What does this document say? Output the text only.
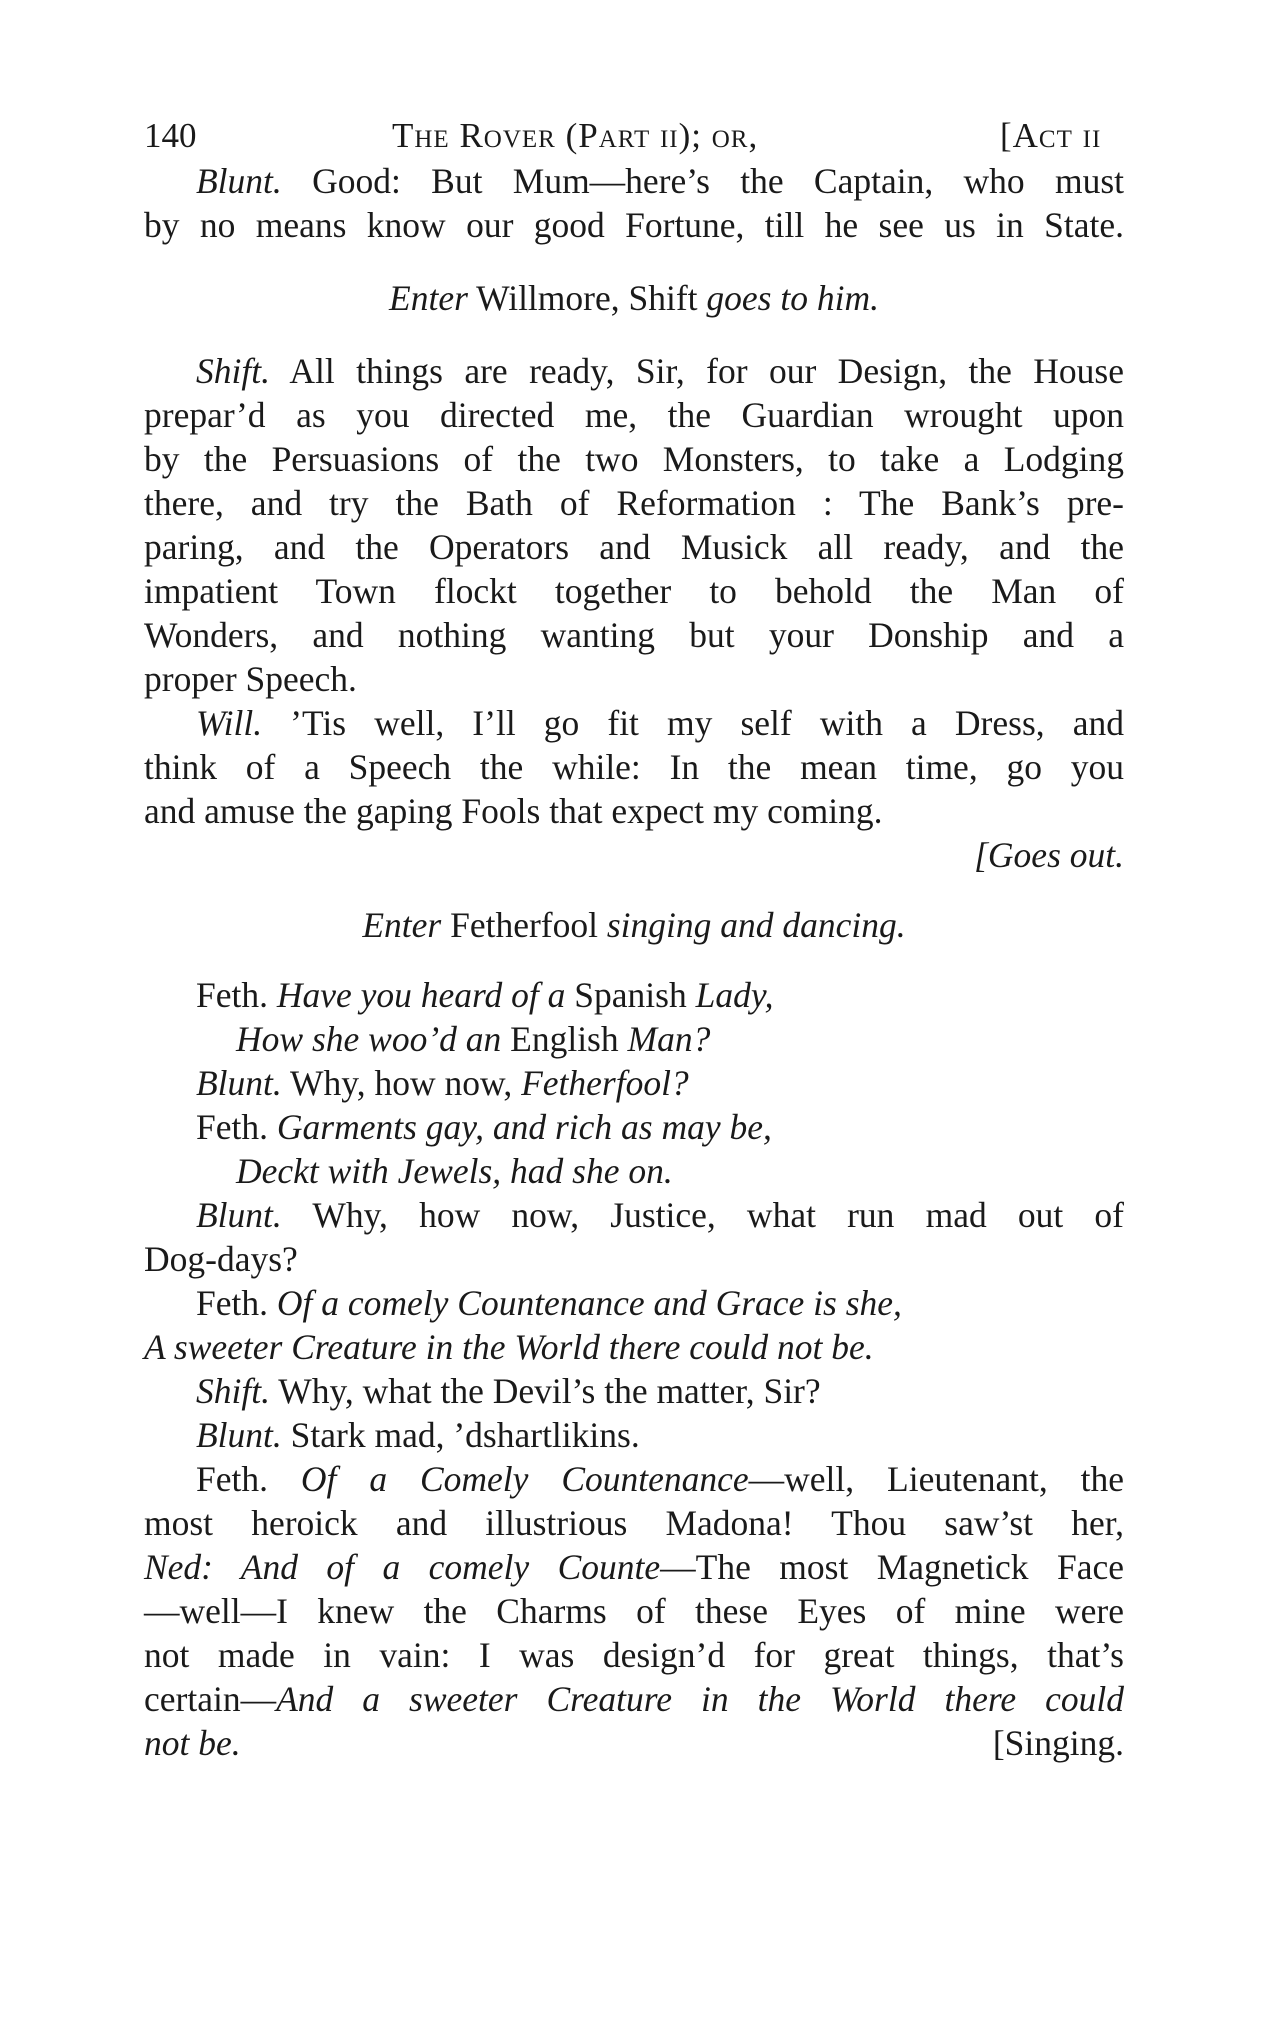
140	The Rover (Part ii); or,	[Act ii
Blunt. Good: But Mum—here’s the Captain, who must
by no means know our good Fortune, till he see us in State.
Enter Willmore, Shift goes to him.
Shift. All things are ready, Sir, for our Design, the House
prepar’d as you directed me, the Guardian wrought upon
by the Persuasions of the two Monsters, to take a Lodging
there, and try the Bath of Reformation : The Bank’s pre-
paring, and the Operators and Musick all ready, and the
impatient Town flockt together to behold the Man of
Wonders, and nothing wanting but your Donship and a
proper Speech.
Will. ’Tis well, I’ll go fit my self with a Dress, and
think of a Speech the while: In the mean time, go you
and amuse the gaping Fools that expect my coming.
[Goes out.
Enter Fetherfool singing and dancing.
Feth. Have you heard of a Spanish Lady,
How she woo’d an English Man?
Blunt. Why, how now, Fetherfool?
Feth. Garments gay, and rich as may be,
Deckt with Jewels, had she on.
Blunt. Why, how now, Justice, what run mad out of
Dog-days?
Feth. Of a comely Countenance and Grace is she,
A sweeter Creature in the World there could not be.
Shift. Why, what the Devil’s the matter, Sir?
Blunt. Stark mad, ’dshartlikins.
Feth. Of a Comely Countenance—well, Lieutenant, the
most heroick and illustrious Madona! Thou saw’st her,
Ned: And of a comely Counte—The most Magnetick Face
—well—I knew the Charms of these Eyes of mine were
not made in vain: I was design’d for great things, that’s
certain—And a sweeter Creature in the World there could
not be.	[Singing.
